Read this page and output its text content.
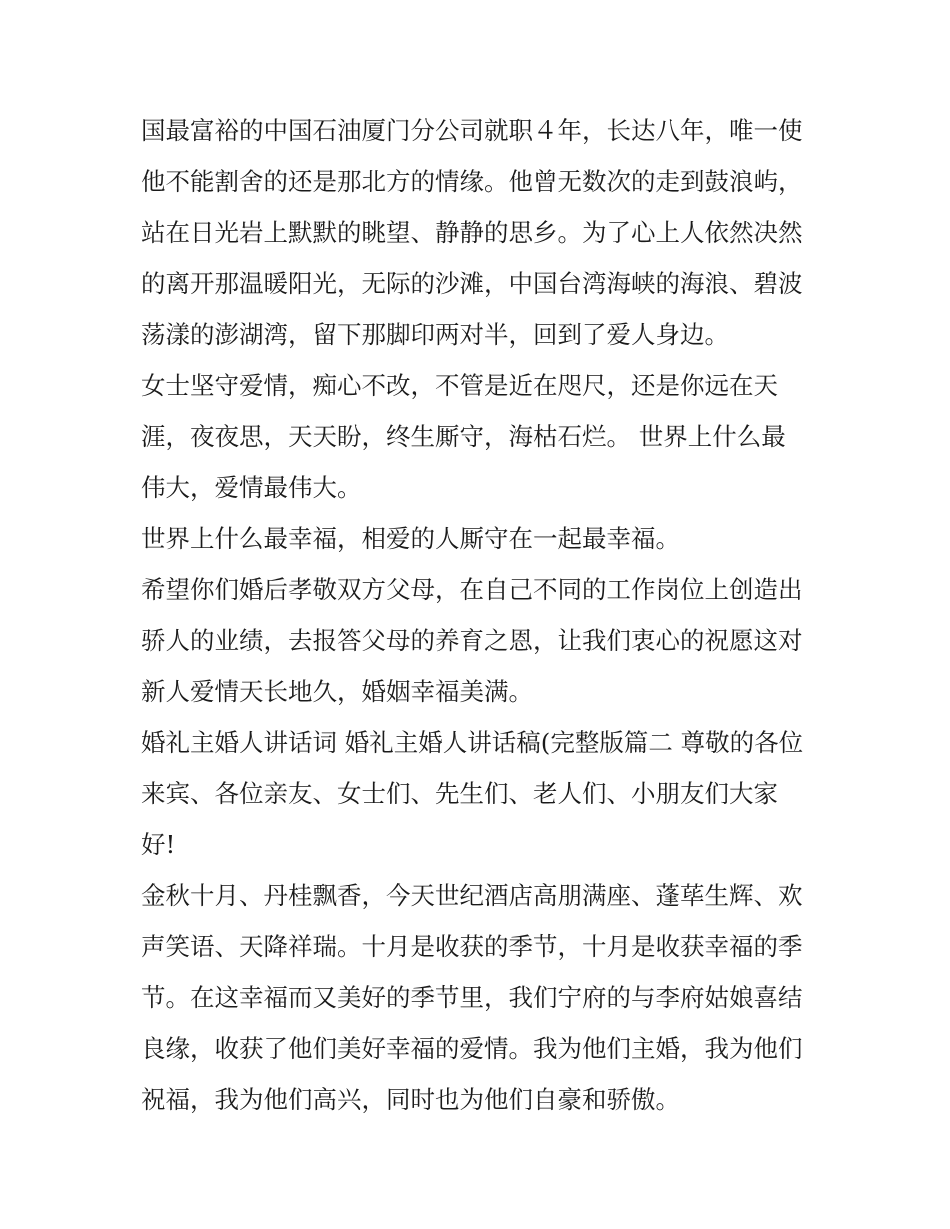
国最富裕的中国石油厦门分公司就职４年，长达八年，唯一使
他不能割舍的还是那北方的情缘。他曾无数次的走到鼓浪屿，
站在日光岩上默默的眺望、静静的思乡。为了心上人依然决然
的离开那温暖阳光，无际的沙滩，中国台湾海峡的海浪、碧波
荡漾的澎湖湾，留下那脚印两对半，回到了爱人身边。
女士坚守爱情，痴心不改，不管是近在咫尺，还是你远在天
涯，夜夜思，天天盼，终生厮守，海枯石烂。 世界上什么最
伟大，爱情最伟大。
世界上什么最幸福，相爱的人厮守在一起最幸福。
希望你们婚后孝敬双方父母，在自己不同的工作岗位上创造出
骄人的业绩，去报答父母的养育之恩，让我们衷心的祝愿这对
新人爱情天长地久，婚姻幸福美满。
婚礼主婚人讲话词 婚礼主婚人讲话稿(完整版篇二 尊敬的各位
来宾、各位亲友、女士们、先生们、老人们、小朋友们大家
好!
金秋十月、丹桂飘香，今天世纪酒店高朋满座、蓬荜生辉、欢
声笑语、天降祥瑞。十月是收获的季节，十月是收获幸福的季
节。在这幸福而又美好的季节里，我们宁府的与李府姑娘喜结
良缘，收获了他们美好幸福的爱情。我为他们主婚，我为他们
祝福，我为他们高兴，同时也为他们自豪和骄傲。
